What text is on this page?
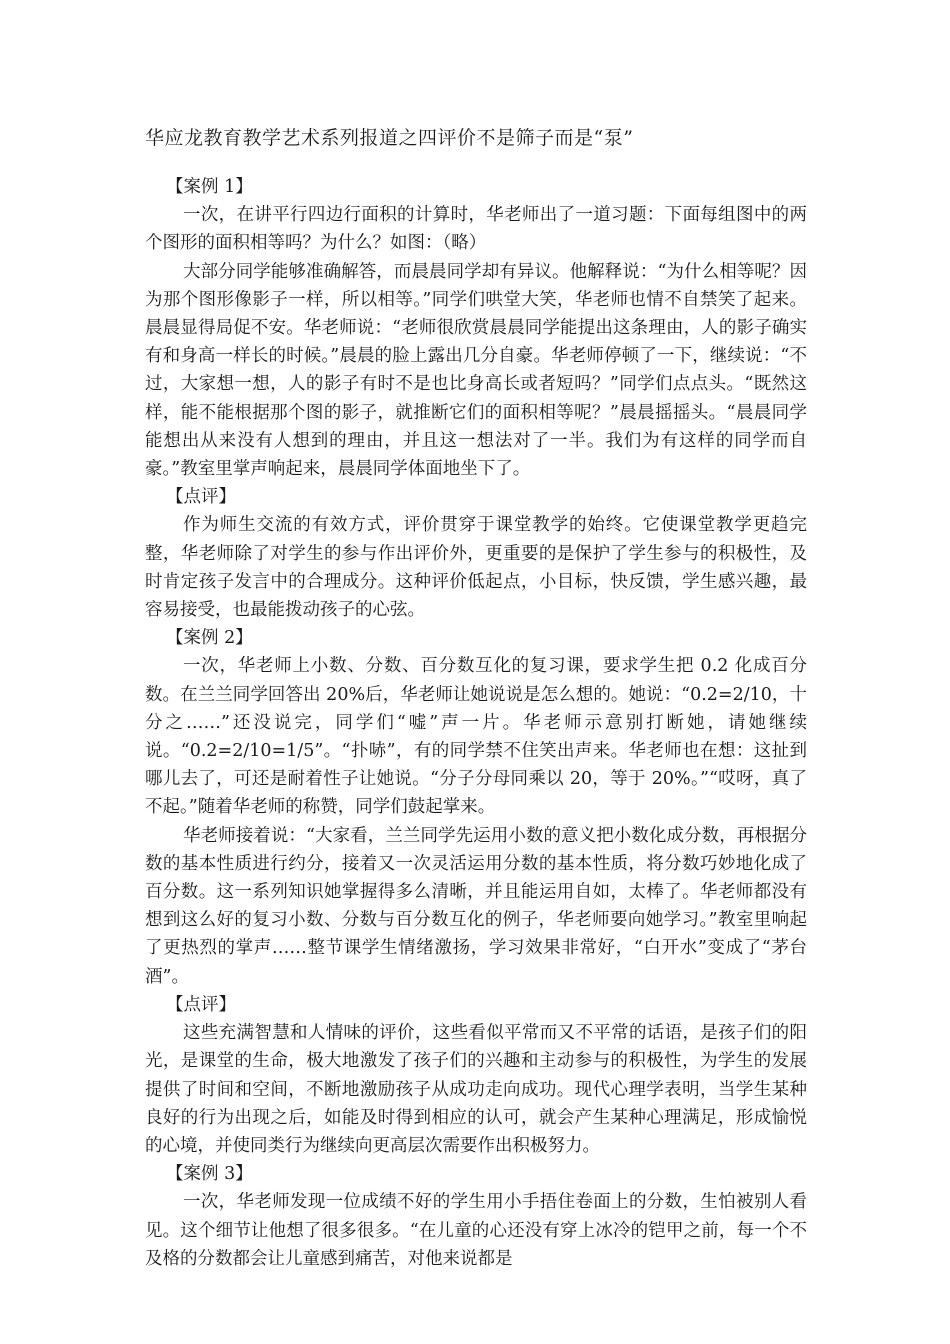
华应龙教育教学艺术系列报道之四评价不是筛子而是“泵”

【案例 1】

一次，在讲平行四边行面积的计算时，华老师出了一道习题：下面每组图中的两个图形的面积相等吗？为什么？如图：（略）

大部分同学能够准确解答，而晨晨同学却有异议。他解释说：“为什么相等呢？因为那个图形像影子一样，所以相等。”同学们哄堂大笑，华老师也情不自禁笑了起来。晨晨显得局促不安。华老师说：“老师很欣赏晨晨同学能提出这条理由，人的影子确实有和身高一样长的时候。”晨晨的脸上露出几分自豪。华老师停顿了一下，继续说：“不过，大家想一想，人的影子有时不是也比身高长或者短吗？”同学们点点头。“既然这样，能不能根据那个图的影子，就推断它们的面积相等呢？”晨晨摇摇头。“晨晨同学能想出从来没有人想到的理由，并且这一想法对了一半。我们为有这样的同学而自豪。”教室里掌声响起来，晨晨同学体面地坐下了。

【点评】

作为师生交流的有效方式，评价贯穿于课堂教学的始终。它使课堂教学更趋完整，华老师除了对学生的参与作出评价外，更重要的是保护了学生参与的积极性，及时肯定孩子发言中的合理成分。这种评价低起点，小目标，快反馈，学生感兴趣，最容易接受，也最能拨动孩子的心弦。

【案例 2】

一次，华老师上小数、分数、百分数互化的复习课，要求学生把 0.2 化成百分数。在兰兰同学回答出 20%后，华老师让她说说是怎么想的。她说：“0.2=2/10，十分之……”还没说完，同学们“嘘”声一片。华老师示意别打断她，请她继续说。“0.2=2/10=1/5”。“扑哧”，有的同学禁不住笑出声来。华老师也在想：这扯到哪儿去了，可还是耐着性子让她说。“分子分母同乘以 20，等于 20%。”“哎呀，真了不起。”随着华老师的称赞，同学们鼓起掌来。

华老师接着说：“大家看，兰兰同学先运用小数的意义把小数化成分数，再根据分数的基本性质进行约分，接着又一次灵活运用分数的基本性质，将分数巧妙地化成了百分数。这一系列知识她掌握得多么清晰，并且能运用自如，太棒了。华老师都没有想到这么好的复习小数、分数与百分数互化的例子，华老师要向她学习。”教室里响起了更热烈的掌声……整节课学生情绪激扬，学习效果非常好，“白开水”变成了“茅台酒”。

【点评】

这些充满智慧和人情味的评价，这些看似平常而又不平常的话语，是孩子们的阳光，是课堂的生命，极大地激发了孩子们的兴趣和主动参与的积极性，为学生的发展提供了时间和空间，不断地激励孩子从成功走向成功。现代心理学表明，当学生某种良好的行为出现之后，如能及时得到相应的认可，就会产生某种心理满足，形成愉悦的心境，并使同类行为继续向更高层次需要作出积极努力。

【案例 3】

一次，华老师发现一位成绩不好的学生用小手捂住卷面上的分数，生怕被别人看见。这个细节让他想了很多很多。“在儿童的心还没有穿上冰冷的铠甲之前，每一个不及格的分数都会让儿童感到痛苦，对他来说都是
